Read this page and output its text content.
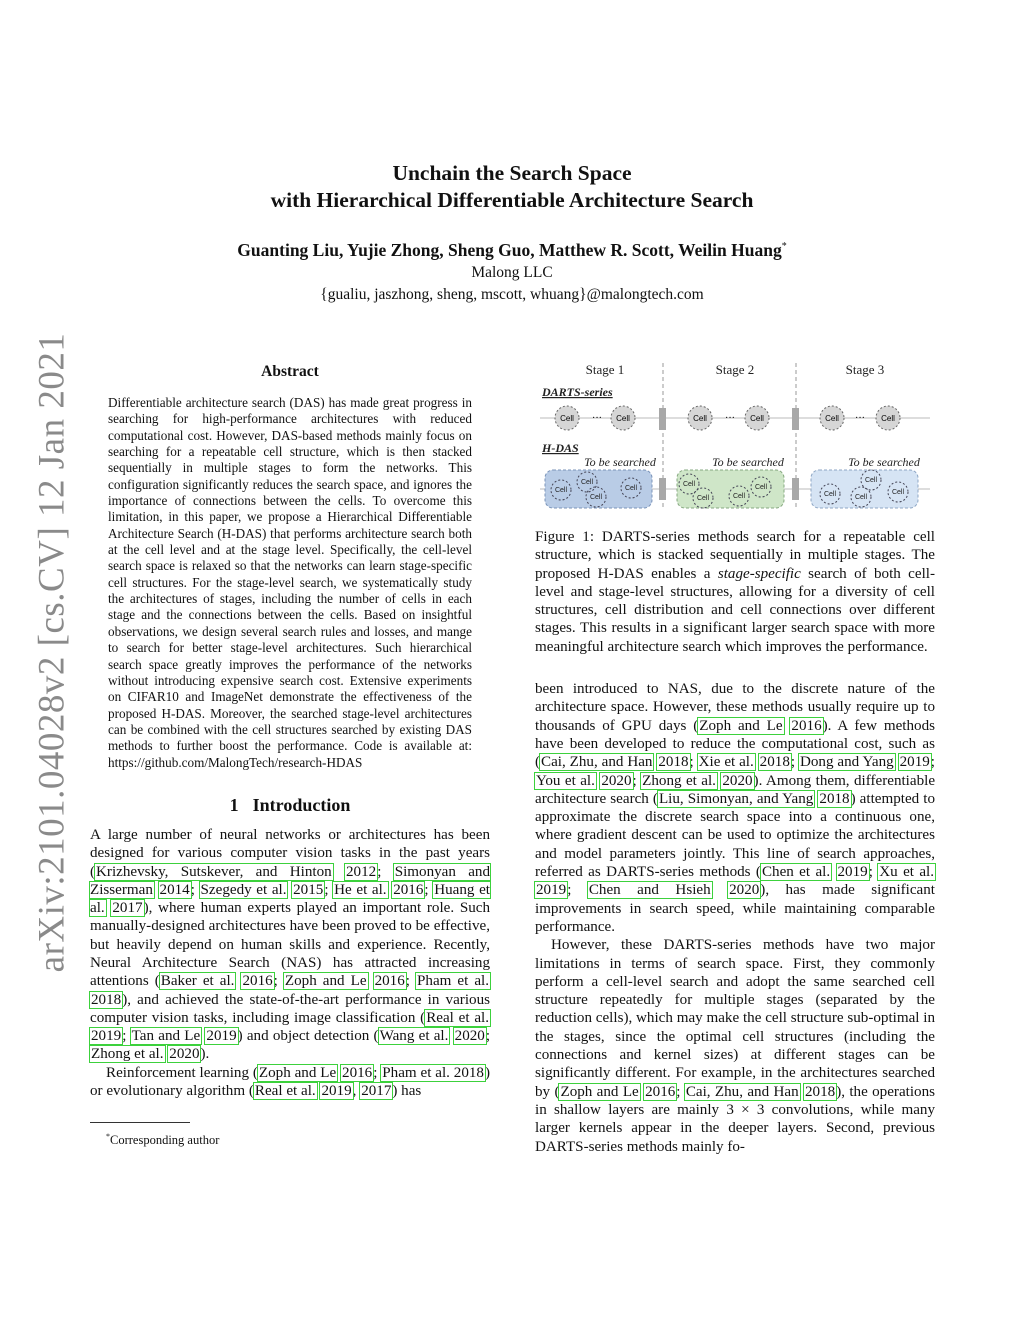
arXiv:2101.04028v2 [cs.CV] 12 Jan 2021
Unchain the Search Space
with Hierarchical Differentiable Architecture Search
Guanting Liu, Yujie Zhong, Sheng Guo, Matthew R. Scott, Weilin Huang*
Malong LLC
{gualiu, jaszhong, sheng, mscott, whuang}@malongtech.com
Abstract

Differentiable architecture search (DAS) has made great progress in searching for high-performance architectures with reduced computational cost. However, DAS-based methods mainly focus on searching for a repeatable cell structure, which is then stacked sequentially in multiple stages to form the networks. This configuration significantly reduces the search space, and ignores the importance of connections between the cells. To overcome this limitation, in this paper, we propose a Hierarchical Differentiable Architecture Search (H-DAS) that performs architecture search both at the cell level and at the stage level. Specifically, the cell-level search space is relaxed so that the networks can learn stage-specific cell structures. For the stage-level search, we systematically study the architectures of stages, including the number of cells in each stage and the connections between the cells. Based on insightful observations, we design several search rules and losses, and mange to search for better stage-level architectures. Such hierarchical search space greatly improves the performance of the networks without introducing expensive search cost. Extensive experiments on CIFAR10 and ImageNet demonstrate the effectiveness of the proposed H-DAS. Moreover, the searched stage-level architectures can be combined with the cell structures searched by existing DAS methods to further boost the performance. Code is available at: https://github.com/MalongTech/research-HDAS

1 Introduction

A large number of neural networks or architectures has been designed for various computer vision tasks in the past years (Krizhevsky, Sutskever, and Hinton 2012; Simonyan and Zisserman 2014; Szegedy et al. 2015; He et al. 2016; Huang et al. 2017), where human experts played an important role. Such manually-designed architectures have been proved to be effective, but heavily depend on human skills and experience. Recently, Neural Architecture Search (NAS) has attracted increasing attentions (Baker et al. 2016; Zoph and Le 2016; Pham et al. 2018), and achieved the state-of-the-art performance in various computer vision tasks, including image classification (Real et al. 2019; Tan and Le 2019) and object detection (Wang et al. 2020; Zhong et al. 2020).

Reinforcement learning (Zoph and Le 2016; Pham et al. 2018) or evolutionary algorithm (Real et al. 2019, 2017) has

*Corresponding author
Stage 1	Stage 2	Stage 3
DARTS-series
H-DAS
Cell ··· Cell	Cell ··· Cell	Cell ··· Cell
To be searched	To be searched	To be searched
Cell
Cell
Cell
Cell
Cell
Cell	Cell
Cell
Cell
Cell
Cell
Cell

Figure 1: DARTS-series methods search for a repeatable cell structure, which is stacked sequentially in multiple stages. The proposed H-DAS enables a stage-specific search of both cell-level and stage-level structures, allowing for a diversity of cell structures, cell distribution and cell connections over different stages. This results in a significant larger search space with more meaningful architecture search which improves the performance.

been introduced to NAS, due to the discrete nature of the architecture space. However, these methods usually require up to thousands of GPU days (Zoph and Le 2016). A few methods have been developed to reduce the computational cost, such as (Cai, Zhu, and Han 2018; Xie et al. 2018; Dong and Yang 2019; You et al. 2020; Zhong et al. 2020). Among them, differentiable architecture search (Liu, Simonyan, and Yang 2018) attempted to approximate the discrete search space into a continuous one, where gradient descent can be used to optimize the architectures and model parameters jointly. This line of search approaches, referred as DARTS-series methods (Chen et al. 2019; Xu et al. 2019; Chen and Hsieh 2020), has made significant improvements in search speed, while maintaining comparable performance.

However, these DARTS-series methods have two major limitations in terms of search space. First, they commonly perform a cell-level search and adopt the same searched cell structure repeatedly for multiple stages (separated by the reduction cells), which may make the cell structure sub-optimal in the stages, since the optimal cell structures (including the connections and kernel sizes) at different stages can be significantly different. For example, in the architectures searched by (Zoph and Le 2016; Cai, Zhu, and Han 2018), the operations in shallow layers are mainly 3 × 3 convolutions, while many larger kernels appear in the deeper layers. Second, previous DARTS-series methods mainly fo-
